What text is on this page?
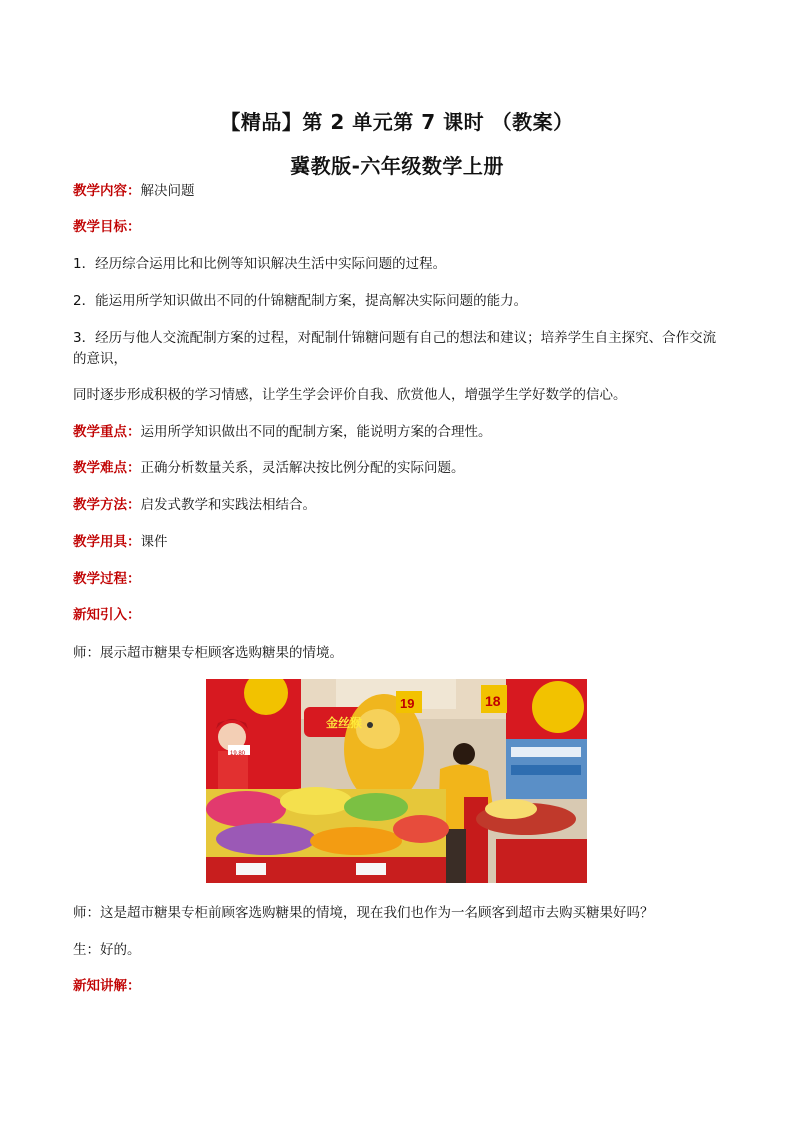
【精品】第 2 单元第 7 课时 （教案）
冀教版-六年级数学上册
教学内容：解决问题
教学目标：
1．经历综合运用比和比例等知识解决生活中实际问题的过程。
2．能运用所学知识做出不同的什锦糖配制方案，提高解决实际问题的能力。
3．经历与他人交流配制方案的过程，对配制什锦糖问题有自己的想法和建议；培养学生自主探究、合作交流的意识，
同时逐步形成积极的学习情感，让学生学会评价自我、欣赏他人，增强学生学好数学的信心。
教学重点：运用所学知识做出不同的配制方案，能说明方案的合理性。
教学难点：正确分析数量关系，灵活解决按比例分配的实际问题。
教学方法：启发式教学和实践法相结合。
教学用具：课件
教学过程：
新知引入：
师：展示超市糖果专柜顾客选购糖果的情境。
金丝猴
18
19
19.80
师：这是超市糖果专柜前顾客选购糖果的情境，现在我们也作为一名顾客到超市去购买糖果好吗？
生：好的。
新知讲解：
